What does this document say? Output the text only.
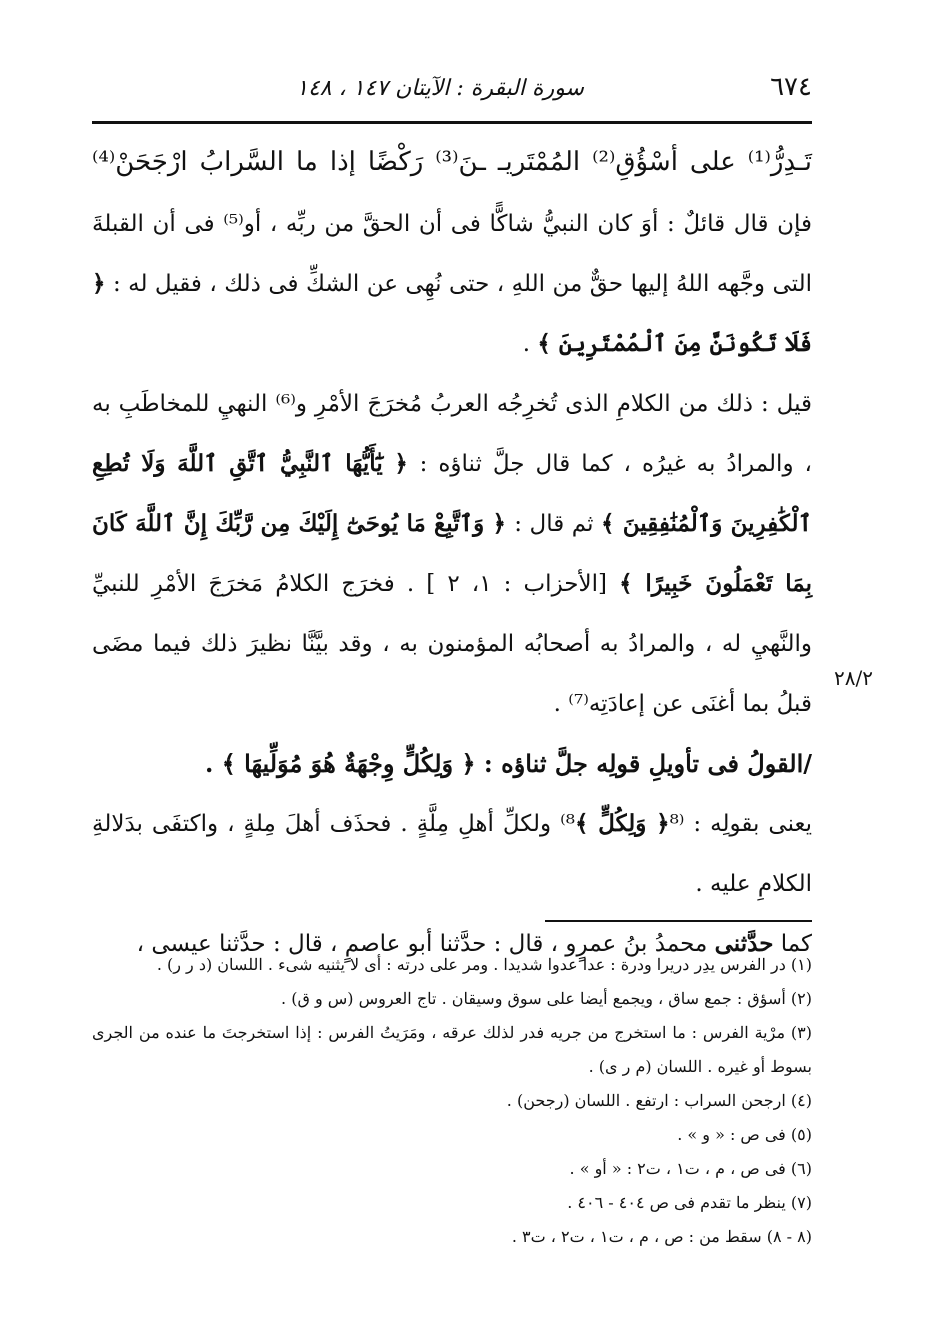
٦٧٤
سورة البقرة : الآيتان ١٤٧ ، ١٤٨
٢٨/٢

تَـدِرُّ⁽¹⁾ على أسْؤُقِ⁽²⁾ المُمْتَريـ ـنَ⁽³⁾ رَكْضًا إذا ما السَّرابُ ارْجَحَنْ⁽⁴⁾

فإن قال قائلٌ : أوَ كان النبيُّ شاكًّا فى أن الحقَّ من ربِّه ، أو⁽⁵⁾ فى أن القبلةَ التى وجَّهه اللهُ إليها حقٌّ من اللهِ ، حتى نُهِى عن الشكِّ فى ذلك ، فقيل له : ﴿ فَلَا تَكُونَنَّ مِنَ ٱلْمُمْتَرِينَ ﴾ .

قيل : ذلك من الكلامِ الذى تُخرِجُه العربُ مُخرَجَ الأمْرِ و⁽⁶⁾ النهيِ للمخاطَبِ به ، والمرادُ به غيرُه ، كما قال جلَّ ثناؤه : ﴿ يَٰٓأَيُّهَا ٱلنَّبِيُّ ٱتَّقِ ٱللَّهَ وَلَا تُطِعِ ٱلْكَٰفِرِينَ وَٱلْمُنَٰفِقِينَ ﴾ ثم قال : ﴿ وَٱتَّبِعْ مَا يُوحَىٰٓ إِلَيْكَ مِن رَّبِّكَ إِنَّ ٱللَّهَ كَانَ بِمَا تَعْمَلُونَ خَبِيرًا ﴾ [الأحزاب : ١، ٢ ] . فخرَج الكلامُ مَخرَجَ الأمْرِ للنبيِّ والنَّهيِ له ، والمرادُ به أصحابُه المؤمنون به ، وقد بيَّنَّا نظيرَ ذلك فيما مضَى قبلُ بما أغنَى عن إعادَتِه⁽⁷⁾ .

/القولُ فى تأويلِ قولِه جلَّ ثناؤه : ﴿ وَلِكُلٍّ وِجْهَةٌ هُوَ مُوَلِّيهَا ﴾ .

يعنى بقولِه : ⁽⁸﴿ وَلِكُلٍّ ﴾⁸⁾ ولكلِّ أهلِ مِلَّةٍ . فحذَف أهلَ مِلةٍ ، واكتفَى بدَلالةِ الكلامِ عليه .

كما حدَّثنى محمدُ بنُ عمرٍو ، قال : حدَّثنا أبو عاصمٍ ، قال : حدَّثنا عيسى ،

(١) در الفرس يدِر دريرا ودرة : عدا عدوا شديدا . ومر على درته : أى لا يثنيه شىء . اللسان (د ر ر) .

(٢) أسؤق : جمع ساق ، ويجمع أيضا على سوق وسيقان . تاج العروس (س و ق) .

(٣) مرْية الفرس : ما استخرج من جريه فدر لذلك عرقه ، ومَرَيتُ الفرس : إذا استخرجتَ ما عنده من الجرى بسوط أو غيره . اللسان (م ر ى) .

(٤) ارجحن السراب : ارتفع . اللسان (رجحن) .

(٥) فى ص : « و » .

(٦) فى ص ، م ، ت١ ، ت٢ : « أو » .

(٧) ينظر ما تقدم فى ص ٤٠٤ - ٤٠٦ .

(٨ - ٨) سقط من : ص ، م ، ت١ ، ت٢ ، ت٣ .
